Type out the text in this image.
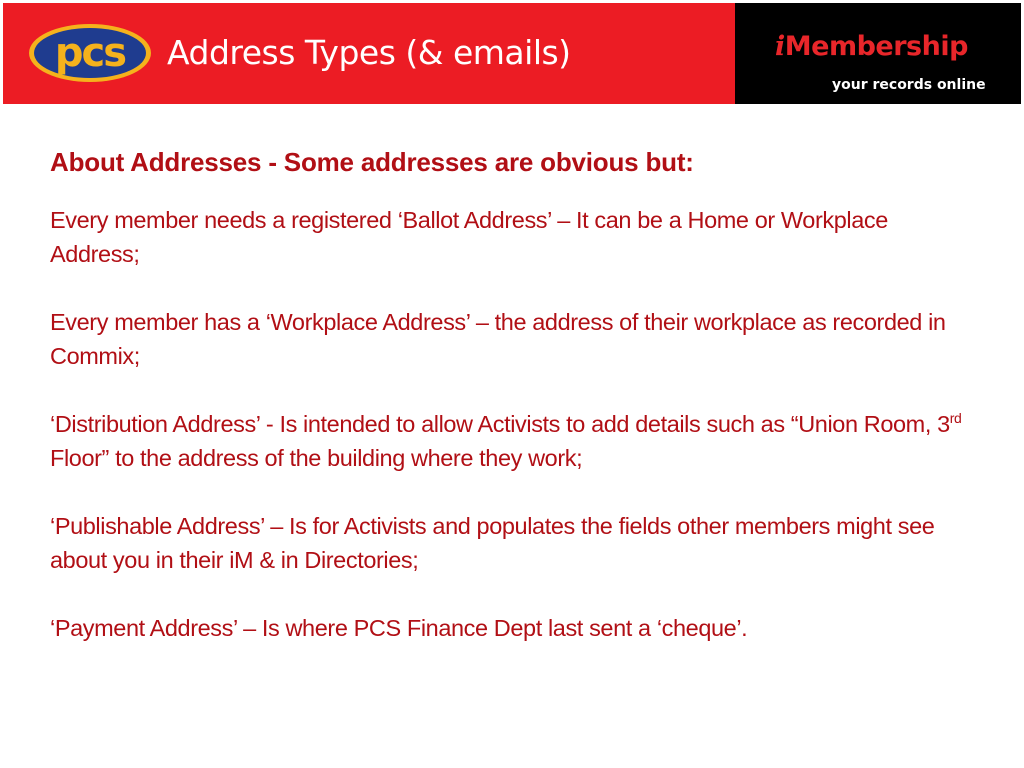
pcs Address Types (& emails)	iMembership
your records online
About Addresses - Some addresses are obvious but:
Every member needs a registered ‘Ballot Address’ – It can be a Home or Workplace Address;
Every member has a ‘Workplace Address’ – the address of their workplace as recorded in Commix;
‘Distribution Address’ - Is intended to allow Activists to add details such as “Union Room, 3rd Floor” to the address of the building where they work;
‘Publishable Address’ – Is for Activists and populates the fields other members might see about you in their iM & in Directories;
‘Payment Address’ – Is where PCS Finance Dept last sent a ‘cheque’.
